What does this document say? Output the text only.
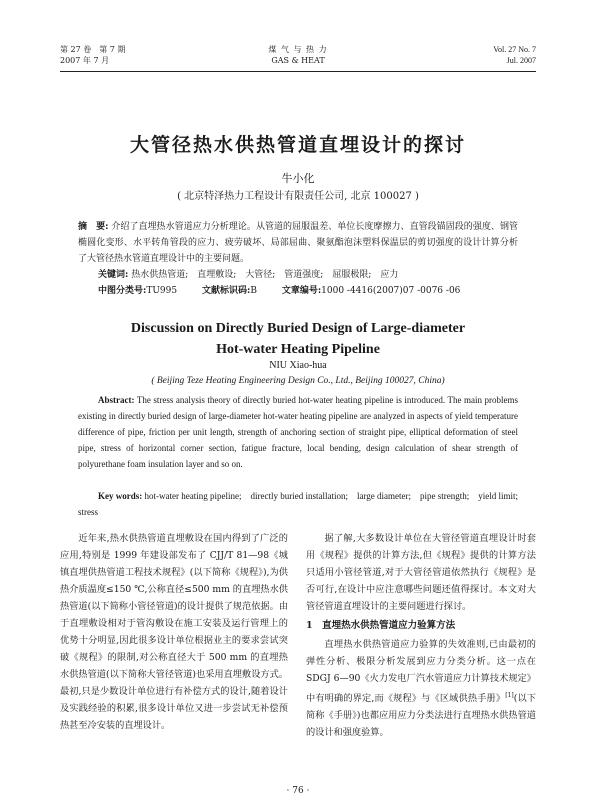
第 27 卷　第 7 期
2007 年 7 月
煤 气 与 热 力
GAS & HEAT
Vol. 27 No. 7
Jul. 2007
大管径热水供热管道直埋设计的探讨
牛小化
( 北京特泽热力工程设计有限责任公司, 北京 100027 )
摘　要: 介绍了直埋热水管道应力分析理论。从管道的屈服温差、单位长度摩擦力、直管段锚固段的强度、钢管椭圆化变形、水平转角管段的应力、疲劳破坏、局部屈曲、聚氨酯泡沫塑料保温层的剪切强度的设计计算分析了大管径热水管道直埋设计中的主要问题。
关键词: 热水供热管道;　直埋敷设;　大管径;　管道强度;　屈服极限;　应力
中图分类号:TU995	文献标识码:B	文章编号:1000 -4416(2007)07 -0076 -06
Discussion on Directly Buried Design of Large-diameter
Hot-water Heating Pipeline
NIU Xiao-hua
( Beijing Teze Heating Engineering Design Co., Ltd., Beijing 100027, China)
Abstract: The stress analysis theory of directly buried hot-water heating pipeline is introduced. The main problems existing in directly buried design of large-diameter hot-water heating pipeline are analyzed in aspects of yield temperature difference of pipe, friction per unit length, strength of anchoring section of straight pipe, elliptical deformation of steel pipe, stress of horizontal corner section, fatigue fracture, local bending, design calculation of shear strength of polyurethane foam insulation layer and so on.
Key words: hot-water heating pipeline;　directly buried installation;　large diameter;　pipe strength;　yield limit;　stress

近年来,热水供热管道直埋敷设在国内得到了广泛的应用,特别是 1999 年建设部发布了 CJJ/T 81—98《城镇直埋供热管道工程技术规程》(以下简称《规程》),为供热介质温度≤150 ℃,公称直径≤500 mm 的直埋热水供热管道(以下简称小管径管道)的设计提供了规范依据。由于直埋敷设相对于管沟敷设在施工安装及运行管理上的优势十分明显,因此很多设计单位根据业主的要求尝试突破《规程》的限制,对公称直径大于 500 mm 的直埋热水供热管道(以下简称大管径管道)也采用直埋敷设方式。最初,只是少数设计单位进行有补偿方式的设计,随着设计及实践经验的积累,很多设计单位又进一步尝试无补偿预热甚至冷安装的直埋设计。

据了解,大多数设计单位在大管径管道直埋设计时套用《规程》提供的计算方法,但《规程》提供的计算方法只适用小管径管道,对于大管径管道依然执行《规程》是否可行,在设计中应注意哪些问题还值得探讨。本文对大管径管道直埋设计的主要问题进行探讨。

1　直埋热水供热管道应力验算方法

直埋热水供热管道应力验算的失效准则,已由最初的弹性分析、极限分析发展到应力分类分析。这一点在 SDGJ 6—90《火力发电厂汽水管道应力计算技术规定》中有明确的界定,而《规程》与《区域供热手册》[1](以下简称《手册》)也都应用应力分类法进行直埋热水供热管道的设计和强度验算。

· 76 ·
